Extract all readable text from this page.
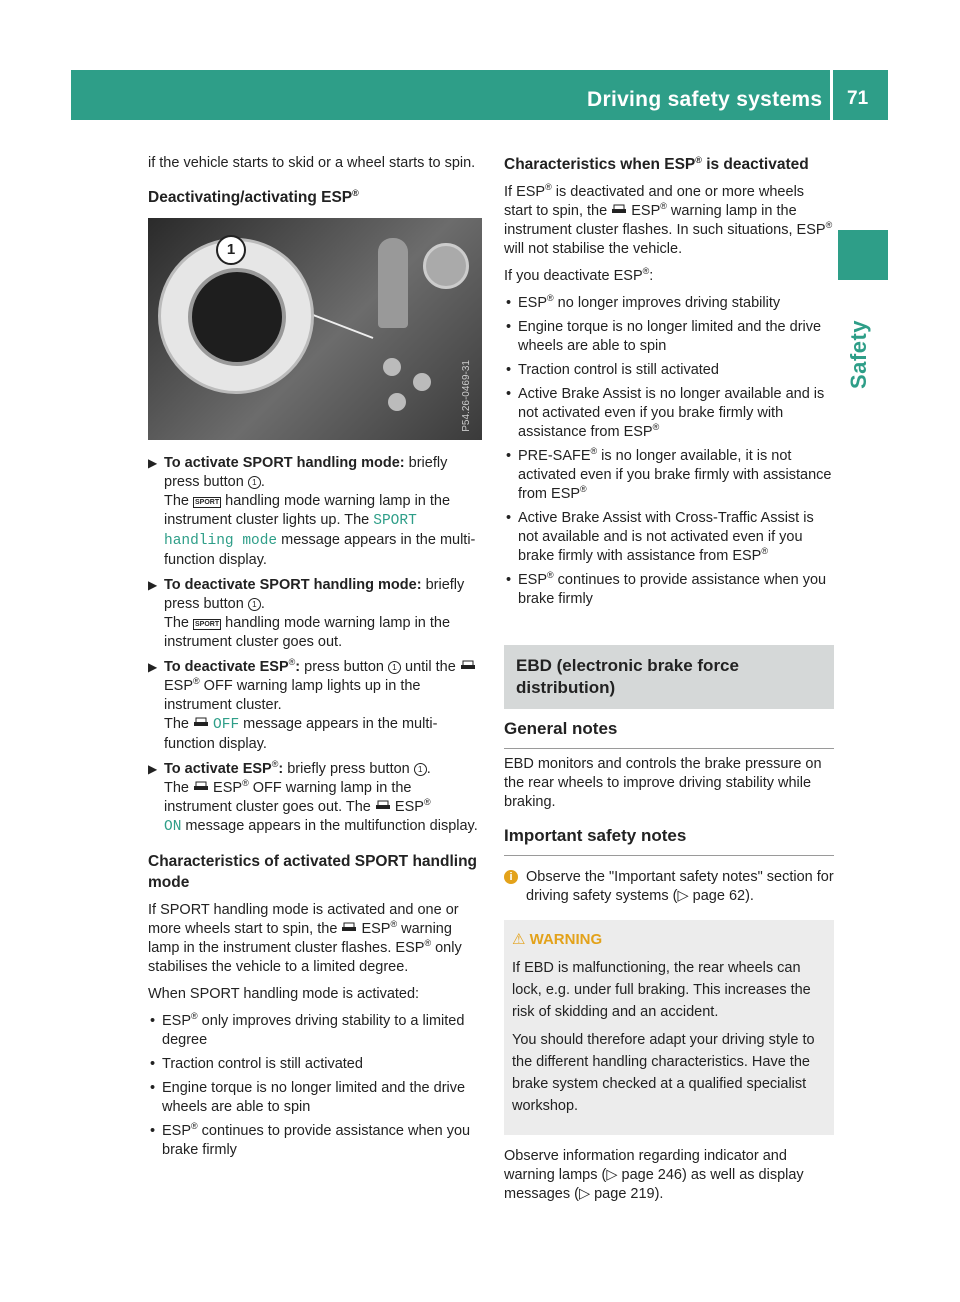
Driving safety systems 71
Safety

if the vehicle starts to skid or a wheel starts to spin.

Deactivating/activating ESP®
1
P54.26-0469-31
▶ To activate SPORT handling mode: briefly press button 1 .
The SPORT handling mode warning lamp in the instrument cluster lights up. The SPORT handling mode message appears in the multi-function display.
▶ To deactivate SPORT handling mode: briefly press button 1 .
The SPORT handling mode warning lamp in the instrument cluster goes out.
▶ To deactivate ESP®: press button 1 until the  ESP® OFF warning lamp lights up in the instrument cluster.
The  OFF message appears in the multi-function display.
▶ To activate ESP®: briefly press button 1 .
The  ESP® OFF warning lamp in the instrument cluster goes out. The  ESP®
ON message appears in the multifunction display.
Characteristics of activated SPORT handling mode

If SPORT handling mode is activated and one or more wheels start to spin, the  ESP® warning lamp in the instrument cluster flashes. ESP® only stabilises the vehicle to a limited degree.

When SPORT handling mode is activated:

• ESP® only improves driving stability to a limited degree
• Traction control is still activated
• Engine torque is no longer limited and the drive wheels are able to spin
• ESP® continues to provide assistance when you brake firmly
Characteristics when ESP® is deactivated

If ESP® is deactivated and one or more wheels start to spin, the  ESP® warning lamp in the instrument cluster flashes. In such situations, ESP® will not stabilise the vehicle.

If you deactivate ESP®:

• ESP® no longer improves driving stability
• Engine torque is no longer limited and the drive wheels are able to spin
• Traction control is still activated
• Active Brake Assist is no longer available and is not activated even if you brake firmly with assistance from ESP®
• PRE-SAFE® is no longer available, it is not activated even if you brake firmly with assistance from ESP®
• Active Brake Assist with Cross-Traffic Assist is not available and is not activated even if you brake firmly with assistance from ESP®
• ESP® continues to provide assistance when you brake firmly
EBD (electronic brake force distribution)
General notes

EBD monitors and controls the brake pressure on the rear wheels to improve driving stability while braking.

Important safety notes
i Observe the "Important safety notes" section for driving safety systems (▷ page 62).
⚠ WARNING

If EBD is malfunctioning, the rear wheels can lock, e.g. under full braking. This increases the risk of skidding and an accident.

You should therefore adapt your driving style to the different handling characteristics. Have the brake system checked at a qualified specialist workshop.

Observe information regarding indicator and warning lamps (▷ page 246) as well as display messages (▷ page 219).
